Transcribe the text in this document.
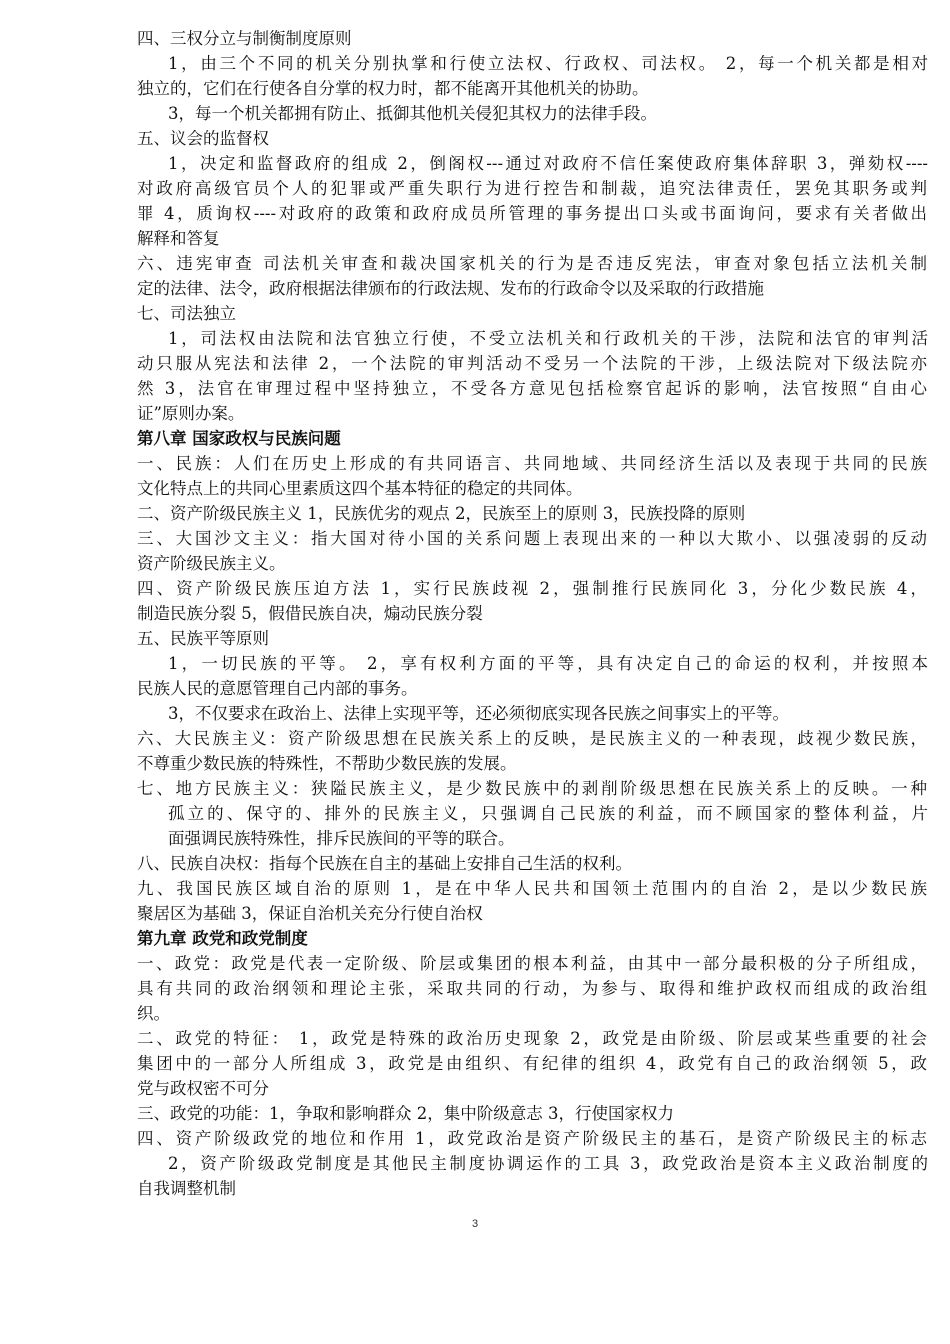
四、三权分立与制衡制度原则
1，由三个不同的机关分别执掌和行使立法权、行政权、司法权。 2，每一个机关都是相对
独立的，它们在行使各自分掌的权力时，都不能离开其他机关的协助。
3，每一个机关都拥有防止、抵御其他机关侵犯其权力的法律手段。
五、议会的监督权
1，决定和监督政府的组成 2，倒阁权---通过对政府不信任案使政府集体辞职 3，弹劾权----
对政府高级官员个人的犯罪或严重失职行为进行控告和制裁，追究法律责任，罢免其职务或判
罪 4，质询权----对政府的政策和政府成员所管理的事务提出口头或书面询问，要求有关者做出
解释和答复
六、违宪审查 司法机关审查和裁决国家机关的行为是否违反宪法，审查对象包括立法机关制
定的法律、法令，政府根据法律颁布的行政法规、发布的行政命令以及采取的行政措施
七、司法独立
1，司法权由法院和法官独立行使，不受立法机关和行政机关的干涉，法院和法官的审判活
动只服从宪法和法律 2，一个法院的审判活动不受另一个法院的干涉，上级法院对下级法院亦
然 3，法官在审理过程中坚持独立，不受各方意见包括检察官起诉的影响，法官按照“自由心
证”原则办案。
第八章 国家政权与民族问题
一、民族：人们在历史上形成的有共同语言、共同地域、共同经济生活以及表现于共同的民族
文化特点上的共同心里素质这四个基本特征的稳定的共同体。
二、资产阶级民族主义 1，民族优劣的观点 2，民族至上的原则 3，民族投降的原则
三、大国沙文主义：指大国对待小国的关系问题上表现出来的一种以大欺小、以强凌弱的反动
资产阶级民族主义。
四、资产阶级民族压迫方法 1，实行民族歧视 2，强制推行民族同化 3，分化少数民族 4，
制造民族分裂 5，假借民族自决，煽动民族分裂
五、民族平等原则
1，一切民族的平等。 2，享有权利方面的平等，具有决定自己的命运的权利，并按照本
民族人民的意愿管理自己内部的事务。
3，不仅要求在政治上、法律上实现平等，还必须彻底实现各民族之间事实上的平等。
六、大民族主义：资产阶级思想在民族关系上的反映，是民族主义的一种表现，歧视少数民族，
不尊重少数民族的特殊性，不帮助少数民族的发展。
七、地方民族主义：狭隘民族主义，是少数民族中的剥削阶级思想在民族关系上的反映。一种
孤立的、保守的、排外的民族主义，只强调自己民族的利益，而不顾国家的整体利益，片
面强调民族特殊性，排斥民族间的平等的联合。
八、民族自决权：指每个民族在自主的基础上安排自己生活的权利。
九、我国民族区域自治的原则 1，是在中华人民共和国领土范围内的自治 2，是以少数民族
聚居区为基础 3，保证自治机关充分行使自治权
第九章 政党和政党制度
一、政党：政党是代表一定阶级、阶层或集团的根本利益，由其中一部分最积极的分子所组成，
具有共同的政治纲领和理论主张，采取共同的行动，为参与、取得和维护政权而组成的政治组
织。
二、政党的特征： 1，政党是特殊的政治历史现象 2，政党是由阶级、阶层或某些重要的社会
集团中的一部分人所组成 3，政党是由组织、有纪律的组织 4，政党有自己的政治纲领 5，政
党与政权密不可分
三、政党的功能：1，争取和影响群众 2，集中阶级意志 3，行使国家权力
四、资产阶级政党的地位和作用 1，政党政治是资产阶级民主的基石，是资产阶级民主的标志
2，资产阶级政党制度是其他民主制度协调运作的工具 3，政党政治是资本主义政治制度的
自我调整机制
3
